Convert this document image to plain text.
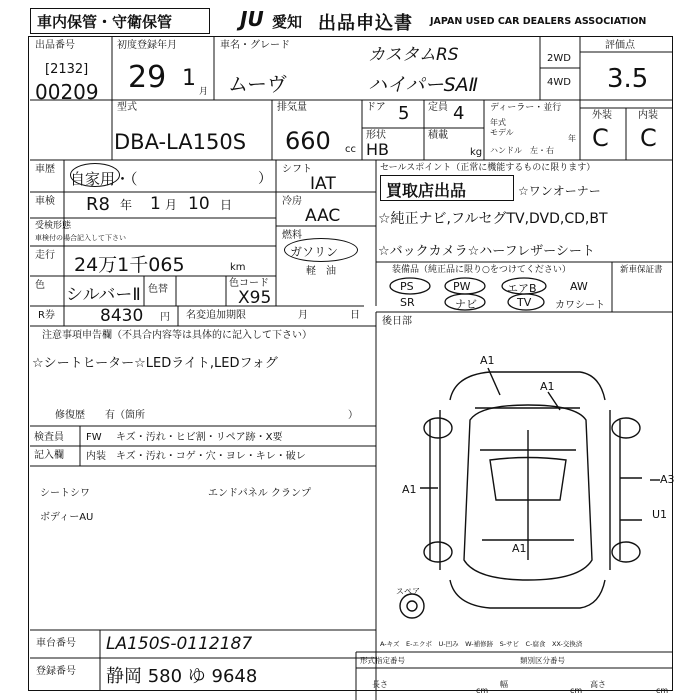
車内保管・守衛保管	JU 愛知 出品申込書 JAPAN USED CAR DEALERS ASSOCIATION
出品番号
[2132]
00209
初度登録年月
29 1
月
車名・グレード
ムーヴ
カスタムRS
ハイパーSAⅡ
2WD
4WD
評価点
3.5
型式
DBA-LA150S
排気量
660 cc
ドア 5 定員 4
形状
HB
積載
kg
ディーラー・並行
年式
モデル
年
ハンドル　左・右
外装	内装
C C
車歴
自家用・（	）
車検 R8 年 1 月 10 日
受検形態
車検付の場合記入して下さい
走行 24万1千065	km
色 シルバーⅡ 色替
色コード
X95
シフト
IAT
冷房
AAC
燃料
ガソリン
軽　油
セールスポイント（正常に機能するものに限ります）
買取店出品	☆ワンオーナー
☆純正ナビ,フルセグTV,DVD,CD,BT
☆バックカメラ☆ハーフレザーシート
装備品（純正品に限り○をつけてください）	新車保証書
PS	PW	エアB	AW
SR	ナビ	TV カワシート
R券	8430 円 名変追加期限	月	日
注意事項申告欄（不具合内容等は具体的に記入して下さい）
☆シートヒーター☆LEDライト,LEDフォグ
修復歴　　有（箇所	）
後日部
検査員
記入欄
FW キズ・汚れ・ヒビ割・リペア跡・X要
内装 キズ・汚れ・コゲ・穴・ヨレ・キレ・破レ
シートシワ	エンドパネル クランプ
ボディーAU
A1
A1
A3
A1
U1
A1
スペア
A-キズ　E-エクボ　U-凹み　W-補修跡　S-サビ　C-腐食　XX-交換済
車台番号 LA150S-0112187
登録番号 静岡 580 ゆ 9648
形式指定番号	類別区分番号
長さ
cm
幅
cm
高さ
cm
